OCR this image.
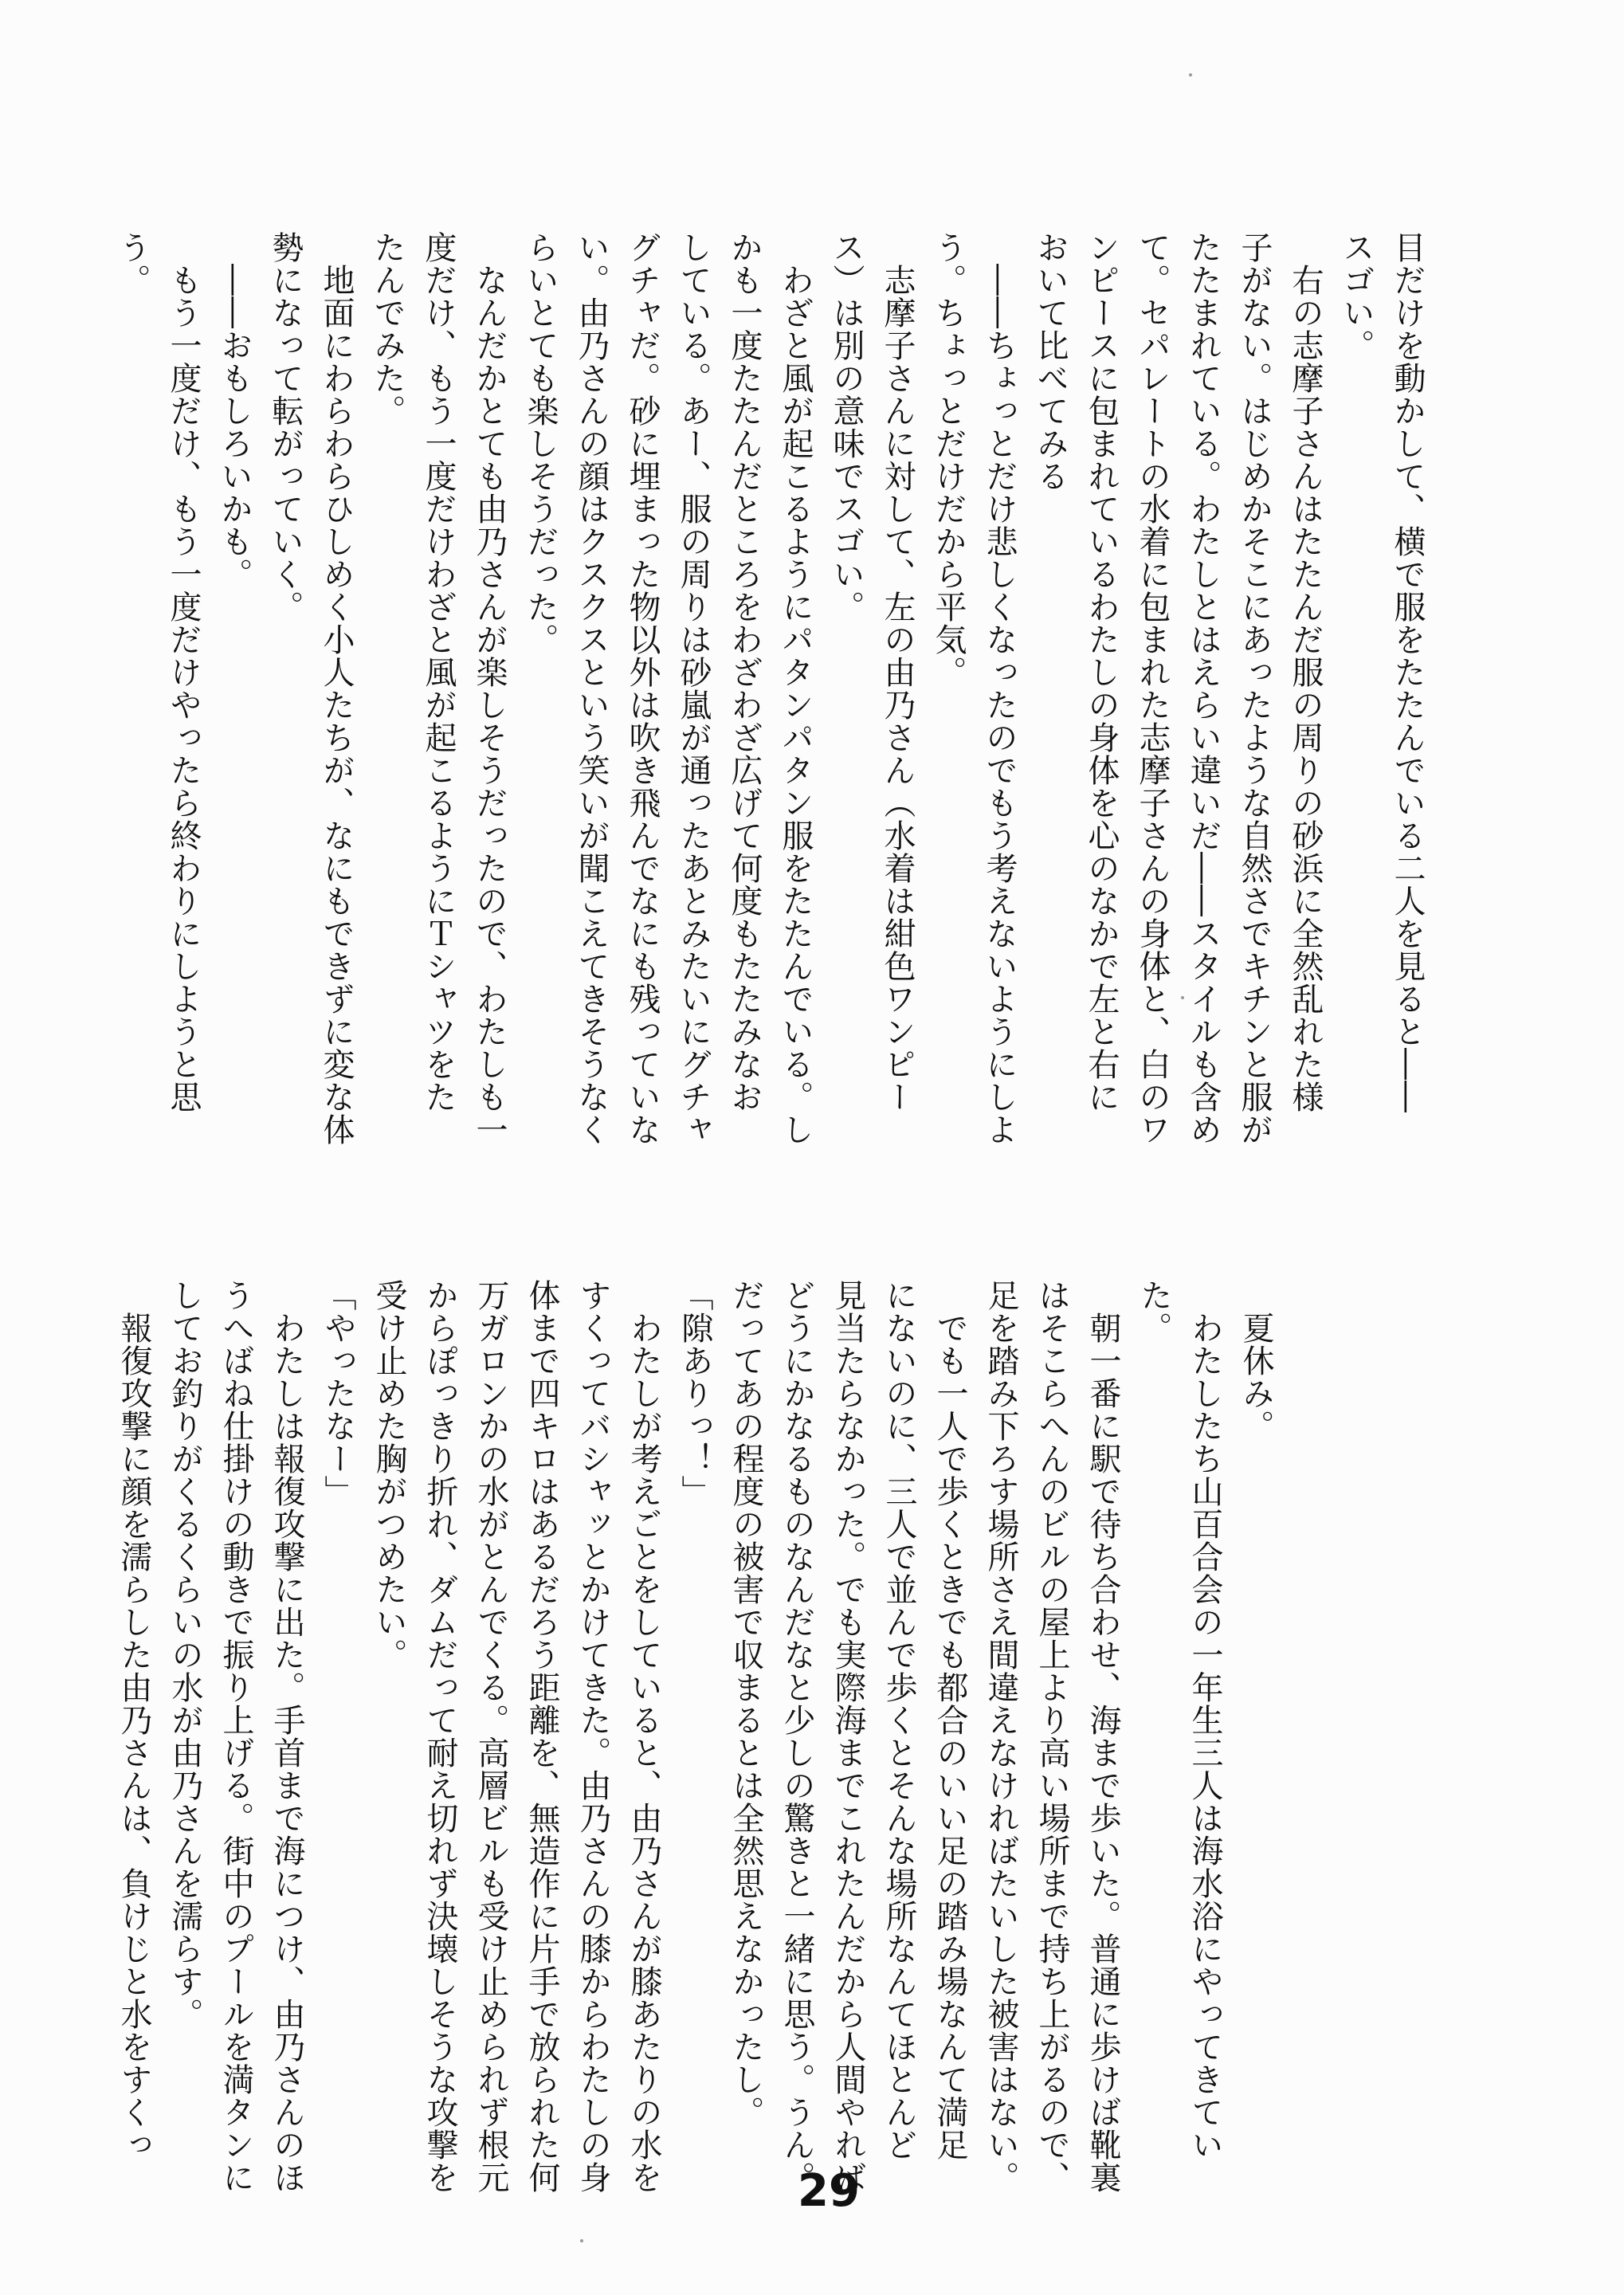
目だけを動かして、横で服をたたんでいる二人を見ると――

スゴい。

　右の志摩子さんはたたんだ服の周りの砂浜に全然乱れた様

子がない。はじめかそこにあったような自然さでキチンと服が

たたまれている。わたしとはえらい違いだ――スタイルも含め

て。セパレートの水着に包まれた志摩子さんの身体と、白のワ

ンピースに包まれているわたしの身体を心のなかで左と右に

おいて比べてみる

　――ちょっとだけ悲しくなったのでもう考えないようにしよ

う。ちょっとだけだから平気。

　志摩子さんに対して、左の由乃さん（水着は紺色ワンピー

ス）は別の意味でスゴい。

　わざと風が起こるようにパタンパタン服をたたんでいる。し

かも一度たたんだところをわざわざ広げて何度もたたみなお

している。あー、服の周りは砂嵐が通ったあとみたいにグチャ

グチャだ。砂に埋まった物以外は吹き飛んでなにも残っていな

い。由乃さんの顔はクスクスという笑いが聞こえてきそうなく

らいとても楽しそうだった。

　なんだかとても由乃さんが楽しそうだったので、わたしも一

度だけ、もう一度だけわざと風が起こるようにＴシャツをた

たんでみた。

　地面にわらわらひしめく小人たちが、なにもできずに変な体

勢になって転がっていく。

　――おもしろいかも。

　もう一度だけ、もう一度だけやったら終わりにしようと思

う。

　夏休み。

　わたしたち山百合会の一年生三人は海水浴にやってきてい

た。

　朝一番に駅で待ち合わせ、海まで歩いた。普通に歩けば靴裏

はそこらへんのビルの屋上より高い場所まで持ち上がるので、

足を踏み下ろす場所さえ間違えなければたいした被害はない。

　でも一人で歩くときでも都合のいい足の踏み場なんて満足

にないのに、三人で並んで歩くとそんな場所なんてほとんど

見当たらなかった。でも実際海までこれたんだから人間やれば

どうにかなるものなんだなと少しの驚きと一緒に思う。うん。

だってあの程度の被害で収まるとは全然思えなかったし。

「隙ありっ！」

　わたしが考えごとをしていると、由乃さんが膝あたりの水を

すくってバシャッとかけてきた。由乃さんの膝からわたしの身

体まで四キロはあるだろう距離を、無造作に片手で放られた何

万ガロンかの水がとんでくる。高層ビルも受け止められず根元

からぽっきり折れ、ダムだって耐え切れず決壊しそうな攻撃を

受け止めた胸がつめたい。

「やったなー」

　わたしは報復攻撃に出た。手首まで海につけ、由乃さんのほ

うへばね仕掛けの動きで振り上げる。街中のプールを満タンに

してお釣りがくるくらいの水が由乃さんを濡らす。

　報復攻撃に顔を濡らした由乃さんは、負けじと水をすくっ

29
